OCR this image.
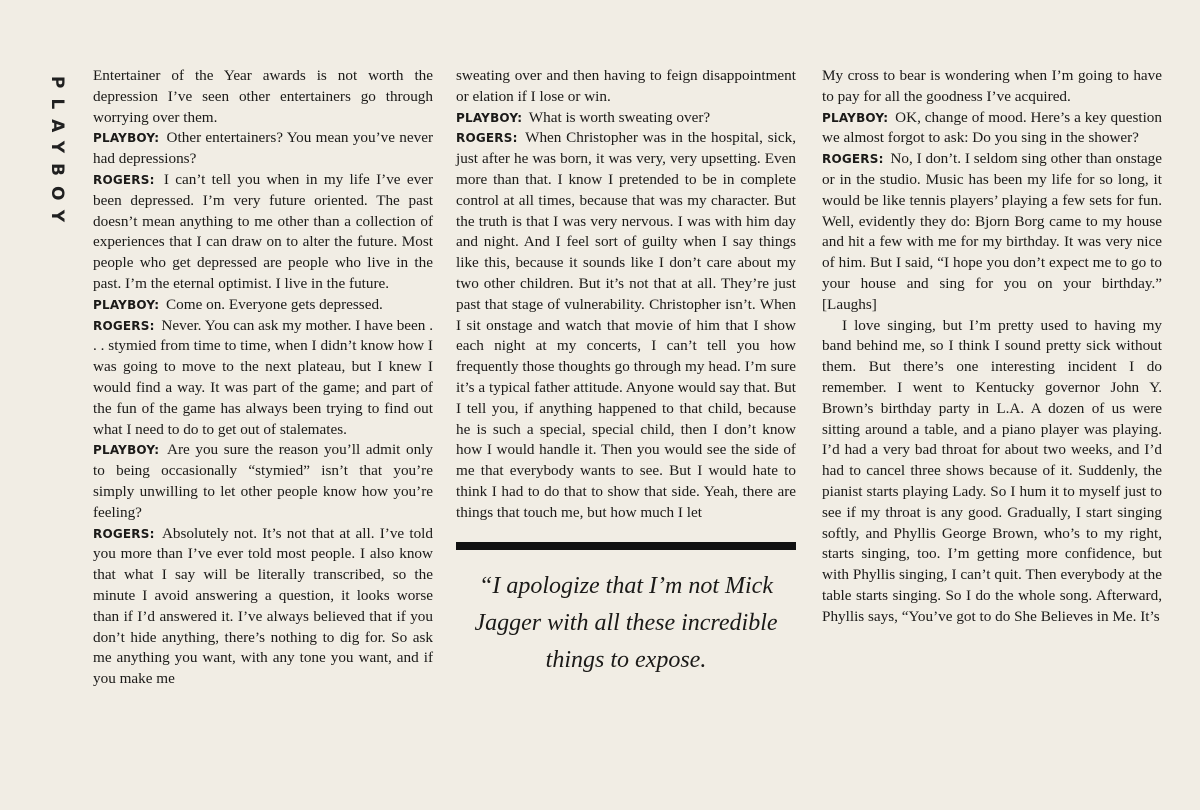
PLAYBOY

Entertainer of the Year awards is not worth the depression I’ve seen other entertainers go through worrying over them.

PLAYBOY: Other entertainers? You mean you’ve never had depressions?

ROGERS: I can’t tell you when in my life I’ve ever been depressed. I’m very future oriented. The past doesn’t mean anything to me other than a collection of experiences that I can draw on to alter the future. Most people who get depressed are people who live in the past. I’m the eternal optimist. I live in the future.

PLAYBOY: Come on. Everyone gets depressed.

ROGERS: Never. You can ask my mother. I have been . . . stymied from time to time, when I didn’t know how I was going to move to the next plateau, but I knew I would find a way. It was part of the game; and part of the fun of the game has always been trying to find out what I need to do to get out of stalemates.

PLAYBOY: Are you sure the reason you’ll admit only to being occasionally “stymied” isn’t that you’re simply unwilling to let other people know how you’re feeling?

ROGERS: Absolutely not. It’s not that at all. I’ve told you more than I’ve ever told most people. I also know that what I say will be literally transcribed, so the minute I avoid answering a question, it looks worse than if I’d answered it. I’ve always believed that if you don’t hide anything, there’s nothing to dig for. So ask me anything you want, with any tone you want, and if you make me

sweating over and then having to feign disappointment or elation if I lose or win.

PLAYBOY: What is worth sweating over?

ROGERS: When Christopher was in the hospital, sick, just after he was born, it was very, very upsetting. Even more than that. I know I pretended to be in complete control at all times, because that was my character. But the truth is that I was very nervous. I was with him day and night. And I feel sort of guilty when I say things like this, because it sounds like I don’t care about my two other children. But it’s not that at all. They’re just past that stage of vulnerability. Christopher isn’t. When I sit onstage and watch that movie of him that I show each night at my concerts, I can’t tell you how frequently those thoughts go through my head. I’m sure it’s a typical father attitude. Anyone would say that. But I tell you, if anything happened to that child, because he is such a special, special child, then I don’t know how I would handle it. Then you would see the side of me that everybody wants to see. But I would hate to think I had to do that to show that side. Yeah, there are things that touch me, but how much I let

“I apologize that I’m not Mick Jagger with all these incredible things to expose.

My cross to bear is wondering when I’m going to have to pay for all the goodness I’ve acquired.

PLAYBOY: OK, change of mood. Here’s a key question we almost forgot to ask: Do you sing in the shower?

ROGERS: No, I don’t. I seldom sing other than onstage or in the studio. Music has been my life for so long, it would be like tennis players’ playing a few sets for fun. Well, evidently they do: Bjorn Borg came to my house and hit a few with me for my birthday. It was very nice of him. But I said, “I hope you don’t expect me to go to your house and sing for you on your birthday.” [Laughs]

I love singing, but I’m pretty used to having my band behind me, so I think I sound pretty sick without them. But there’s one interesting incident I do remember. I went to Kentucky governor John Y. Brown’s birthday party in L.A. A dozen of us were sitting around a table, and a piano player was playing. I’d had a very bad throat for about two weeks, and I’d had to cancel three shows because of it. Suddenly, the pianist starts playing Lady. So I hum it to myself just to see if my throat is any good. Gradually, I start singing softly, and Phyllis George Brown, who’s to my right, starts singing, too. I’m getting more confidence, but with Phyllis singing, I can’t quit. Then everybody at the table starts singing. So I do the whole song. Afterward, Phyllis says, “You’ve got to do She Believes in Me. It’s
